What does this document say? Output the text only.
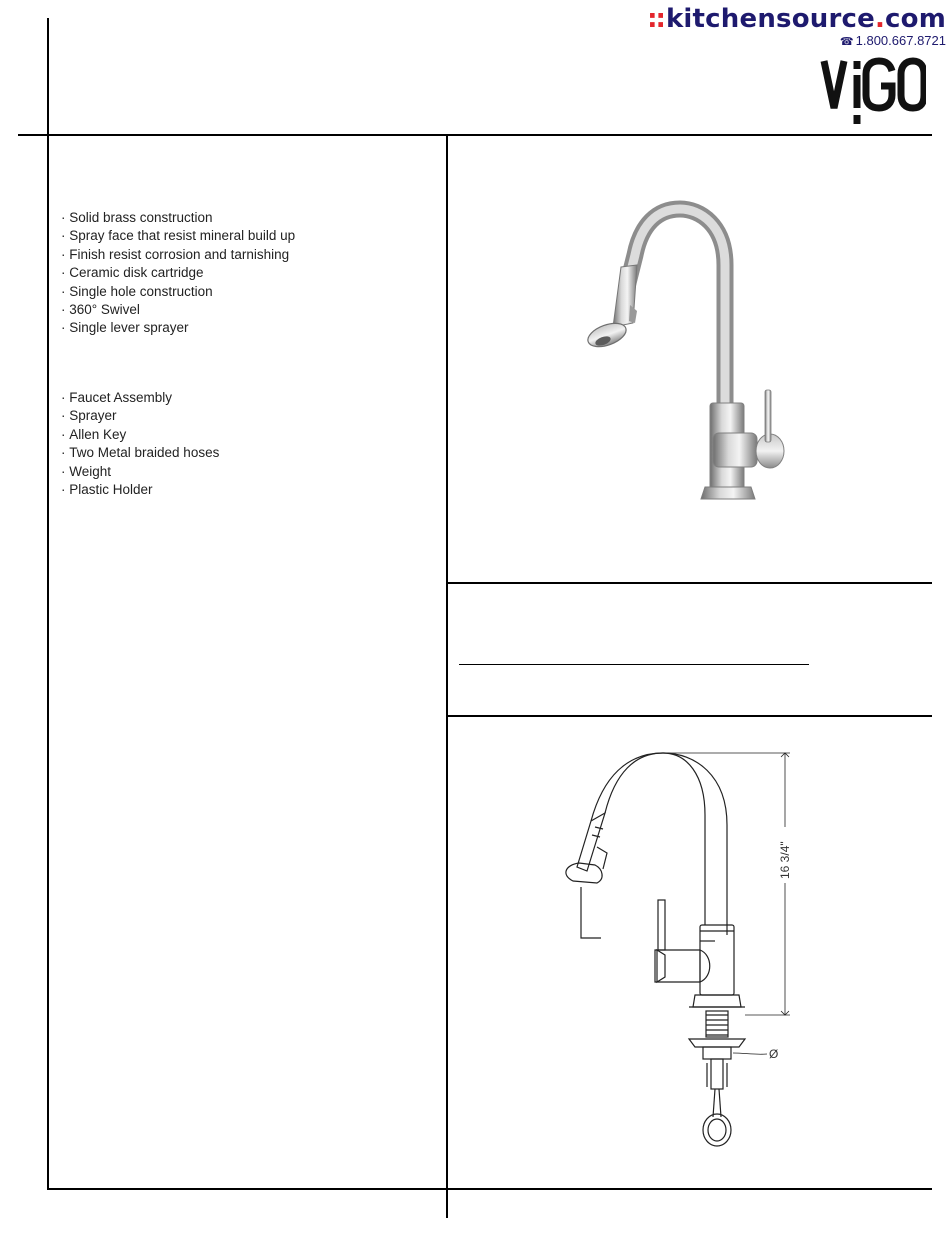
::kitchensource.com
☎ 1.800.667.8721
· Solid brass construction
· Spray face that resist mineral build up
· Finish resist corrosion and tarnishing
· Ceramic disk cartridge
· Single hole construction
· 360° Swivel
· Single lever sprayer
· Faucet Assembly
· Sprayer
· Allen Key
· Two Metal braided hoses
· Weight
· Plastic Holder
16 3/4"
Ø
